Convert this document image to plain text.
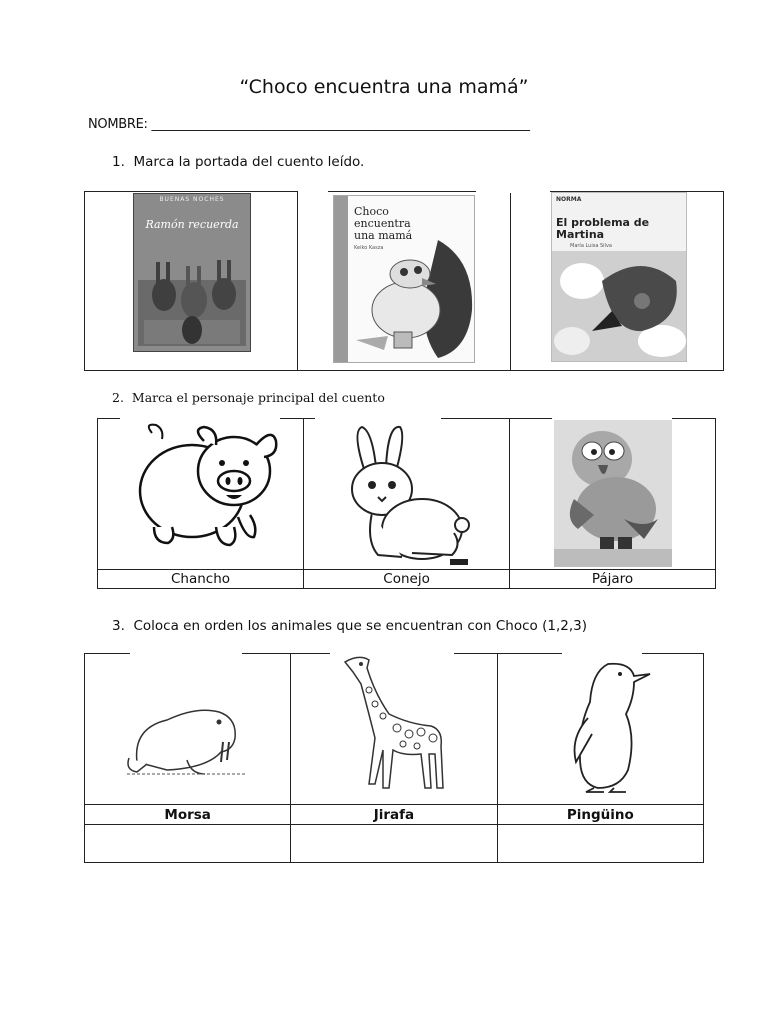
“Choco encuentra una mamá”
NOMBRE: _____________________________________________________________
1. Marca la portada del cuento leído.
BUENAS NOCHES
Ramón recuerda

Choco encuentra una mamá
Keiko Kasza

NORMA
El problema de Martina
María Luisa Silva
2. Marca el personaje principal del cuento

Chancho	Conejo	Pájaro
3. Coloca en orden los animales que se encuentran con Choco (1,2,3)

Morsa	Jirafa	Pingüino
